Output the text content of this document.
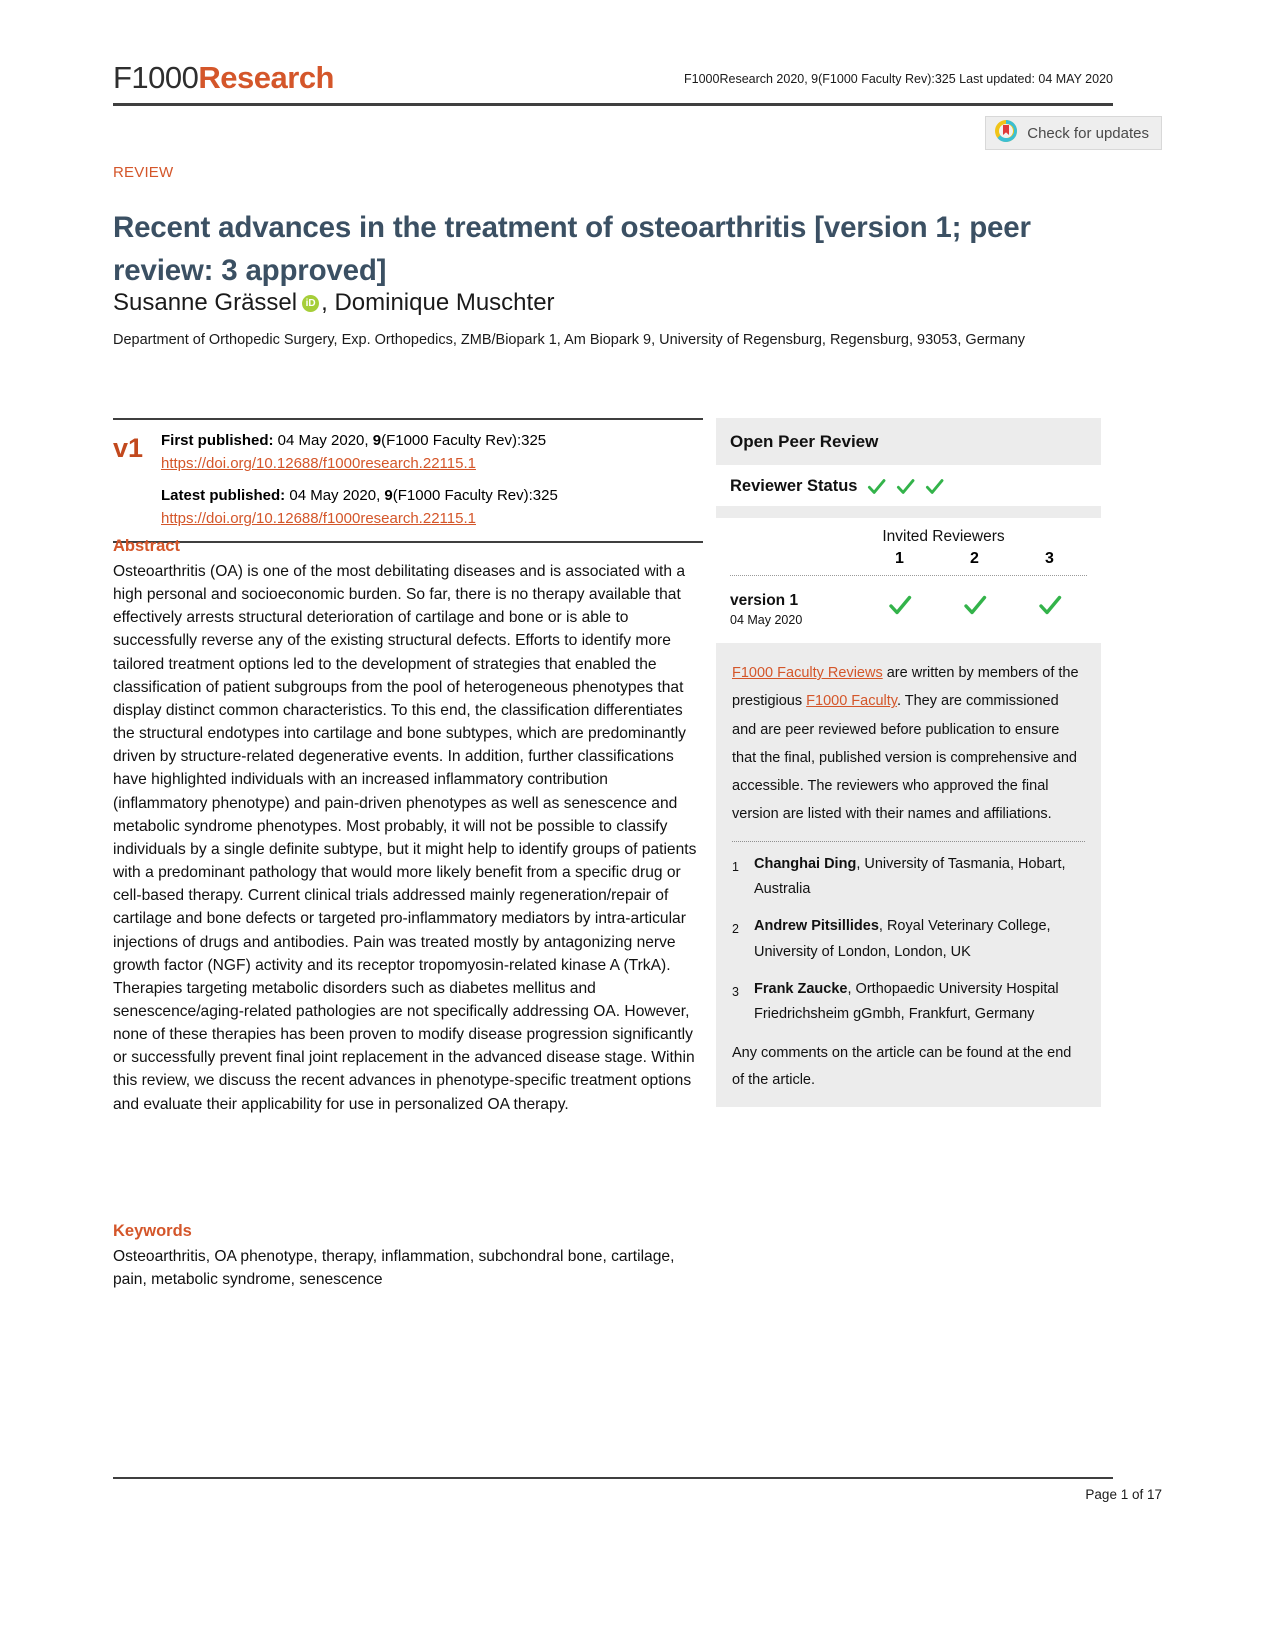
F1000Research	F1000Research 2020, 9(F1000 Faculty Rev):325 Last updated: 04 MAY 2020
Check for updates
REVIEW
Recent advances in the treatment of osteoarthritis [version 1; peer review: 3 approved]
Susanne Grässel iD , Dominique Muschter
Department of Orthopedic Surgery, Exp. Orthopedics, ZMB/Biopark 1, Am Biopark 9, University of Regensburg, Regensburg, 93053, Germany
v1	First published: 04 May 2020, 9(F1000 Faculty Rev):325
https://doi.org/10.12688/f1000research.22115.1
Latest published: 04 May 2020, 9(F1000 Faculty Rev):325
https://doi.org/10.12688/f1000research.22115.1
Abstract
Osteoarthritis (OA) is one of the most debilitating diseases and is associated with a high personal and socioeconomic burden. So far, there is no therapy available that effectively arrests structural deterioration of cartilage and bone or is able to successfully reverse any of the existing structural defects. Efforts to identify more tailored treatment options led to the development of strategies that enabled the classification of patient subgroups from the pool of heterogeneous phenotypes that display distinct common characteristics. To this end, the classification differentiates the structural endotypes into cartilage and bone subtypes, which are predominantly driven by structure-related degenerative events. In addition, further classifications have highlighted individuals with an increased inflammatory contribution (inflammatory phenotype) and pain-driven phenotypes as well as senescence and metabolic syndrome phenotypes. Most probably, it will not be possible to classify individuals by a single definite subtype, but it might help to identify groups of patients with a predominant pathology that would more likely benefit from a specific drug or cell-based therapy. Current clinical trials addressed mainly regeneration/repair of cartilage and bone defects or targeted pro-inflammatory mediators by intra-articular injections of drugs and antibodies. Pain was treated mostly by antagonizing nerve growth factor (NGF) activity and its receptor tropomyosin-related kinase A (TrkA). Therapies targeting metabolic disorders such as diabetes mellitus and senescence/aging-related pathologies are not specifically addressing OA. However, none of these therapies has been proven to modify disease progression significantly or successfully prevent final joint replacement in the advanced disease stage. Within this review, we discuss the recent advances in phenotype-specific treatment options and evaluate their applicability for use in personalized OA therapy.
Keywords
Osteoarthritis, OA phenotype, therapy, inflammation, subchondral bone, cartilage, pain, metabolic syndrome, senescence
Open Peer Review
Reviewer Status
Invited Reviewers
1	2	3
version 1
04 May 2020
F1000 Faculty Reviews are written by members of the prestigious F1000 Faculty. They are commissioned and are peer reviewed before publication to ensure that the final, published version is comprehensive and accessible. The reviewers who approved the final version are listed with their names and affiliations.
1	Changhai Ding, University of Tasmania, Hobart, Australia
2	Andrew Pitsillides, Royal Veterinary College, University of London, London, UK
3	Frank Zaucke, Orthopaedic University Hospital Friedrichsheim gGmbh, Frankfurt, Germany
Any comments on the article can be found at the end of the article.
Page 1 of 17
